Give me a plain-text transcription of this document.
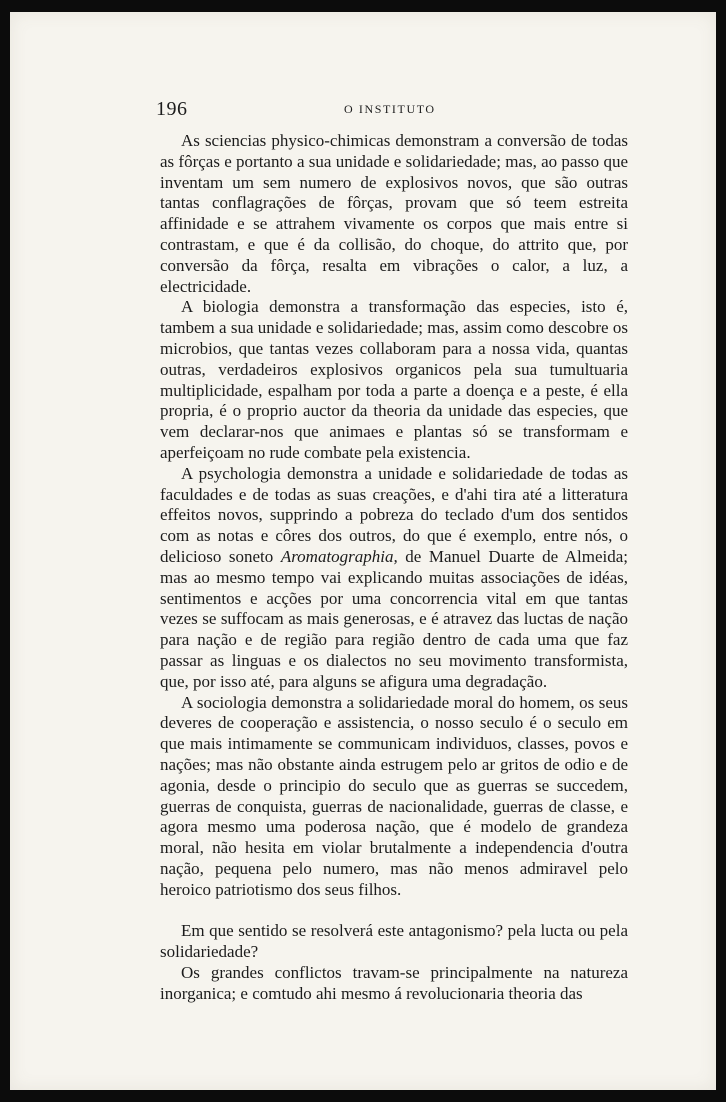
196	O INSTITUTO

As sciencias physico-chimicas demonstram a conversão de todas as fôrças e portanto a sua unidade e solidariedade; mas, ao passo que inventam um sem numero de explosivos novos, que são outras tantas conflagrações de fôrças, provam que só teem estreita affinidade e se attrahem vivamente os corpos que mais entre si contrastam, e que é da collisão, do choque, do attrito que, por conversão da fôrça, resalta em vibrações o calor, a luz, a electricidade.

A biologia demonstra a transformação das especies, isto é, tambem a sua unidade e solidariedade; mas, assim como descobre os microbios, que tantas vezes collaboram para a nossa vida, quantas outras, verdadeiros explosivos organicos pela sua tumultuaria multiplicidade, espalham por toda a parte a doença e a peste, é ella propria, é o proprio auctor da theoria da unidade das especies, que vem declarar-nos que animaes e plantas só se transformam e aperfeiçoam no rude combate pela existencia.

A psychologia demonstra a unidade e solidariedade de todas as faculdades e de todas as suas creações, e d'ahi tira até a litteratura effeitos novos, supprindo a pobreza do teclado d'um dos sentidos com as notas e côres dos outros, do que é exemplo, entre nós, o delicioso soneto Aromatographia, de Manuel Duarte de Almeida; mas ao mesmo tempo vai explicando muitas associações de idéas, sentimentos e acções por uma concorrencia vital em que tantas vezes se suffocam as mais generosas, e é atravez das luctas de nação para nação e de região para região dentro de cada uma que faz passar as linguas e os dialectos no seu movimento transformista, que, por isso até, para alguns se afigura uma degradação.

A sociologia demonstra a solidariedade moral do homem, os seus deveres de cooperação e assistencia, o nosso seculo é o seculo em que mais intimamente se communicam individuos, classes, povos e nações; mas não obstante ainda estrugem pelo ar gritos de odio e de agonia, desde o principio do seculo que as guerras se succedem, guerras de conquista, guerras de nacionalidade, guerras de classe, e agora mesmo uma poderosa nação, que é modelo de grandeza moral, não hesita em violar brutalmente a independencia d'outra nação, pequena pelo numero, mas não menos admiravel pelo heroico patriotismo dos seus filhos.

Em que sentido se resolverá este antagonismo? pela lucta ou pela solidariedade?

Os grandes conflictos travam-se principalmente na natureza inorganica; e comtudo ahi mesmo á revolucionaria theoria das
